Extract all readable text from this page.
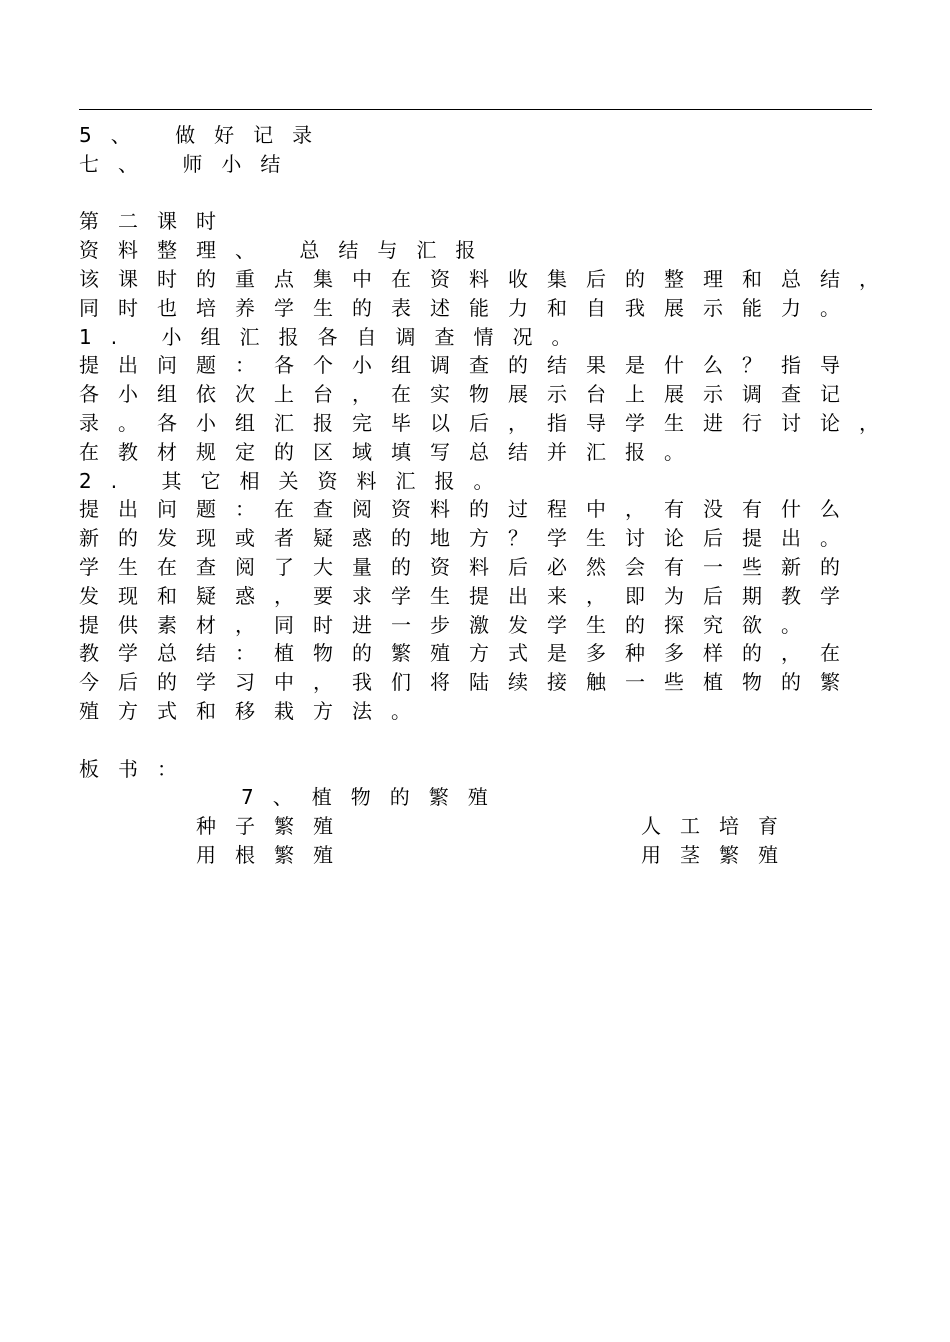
5、 做好记录
七、 师小结
第二课时
资料整理、 总结与汇报
该课时的重点集中在资料收集后的整理和总结，
同时也培养学生的表述能力和自我展示能力。
1. 小组汇报各自调查情况。
提出问题：各个小组调查的结果是什么？指导
各小组依次上台，在实物展示台上展示调查记
录。各小组汇报完毕以后，指导学生进行讨论，
在教材规定的区域填写总结并汇报。
2. 其它相关资料汇报。
提出问题：在查阅资料的过程中，有没有什么
新的发现或者疑惑的地方？学生讨论后提出。
学生在查阅了大量的资料后必然会有一些新的
发现和疑惑，要求学生提出来，即为后期教学
提供素材，同时进一步激发学生的探究欲。
教学总结：植物的繁殖方式是多种多样的，在
今后的学习中，我们将陆续接触一些植物的繁
殖方式和移栽方法。
板书：
7、植物的繁殖
种子繁殖
用根繁殖
人工培育
用茎繁殖
